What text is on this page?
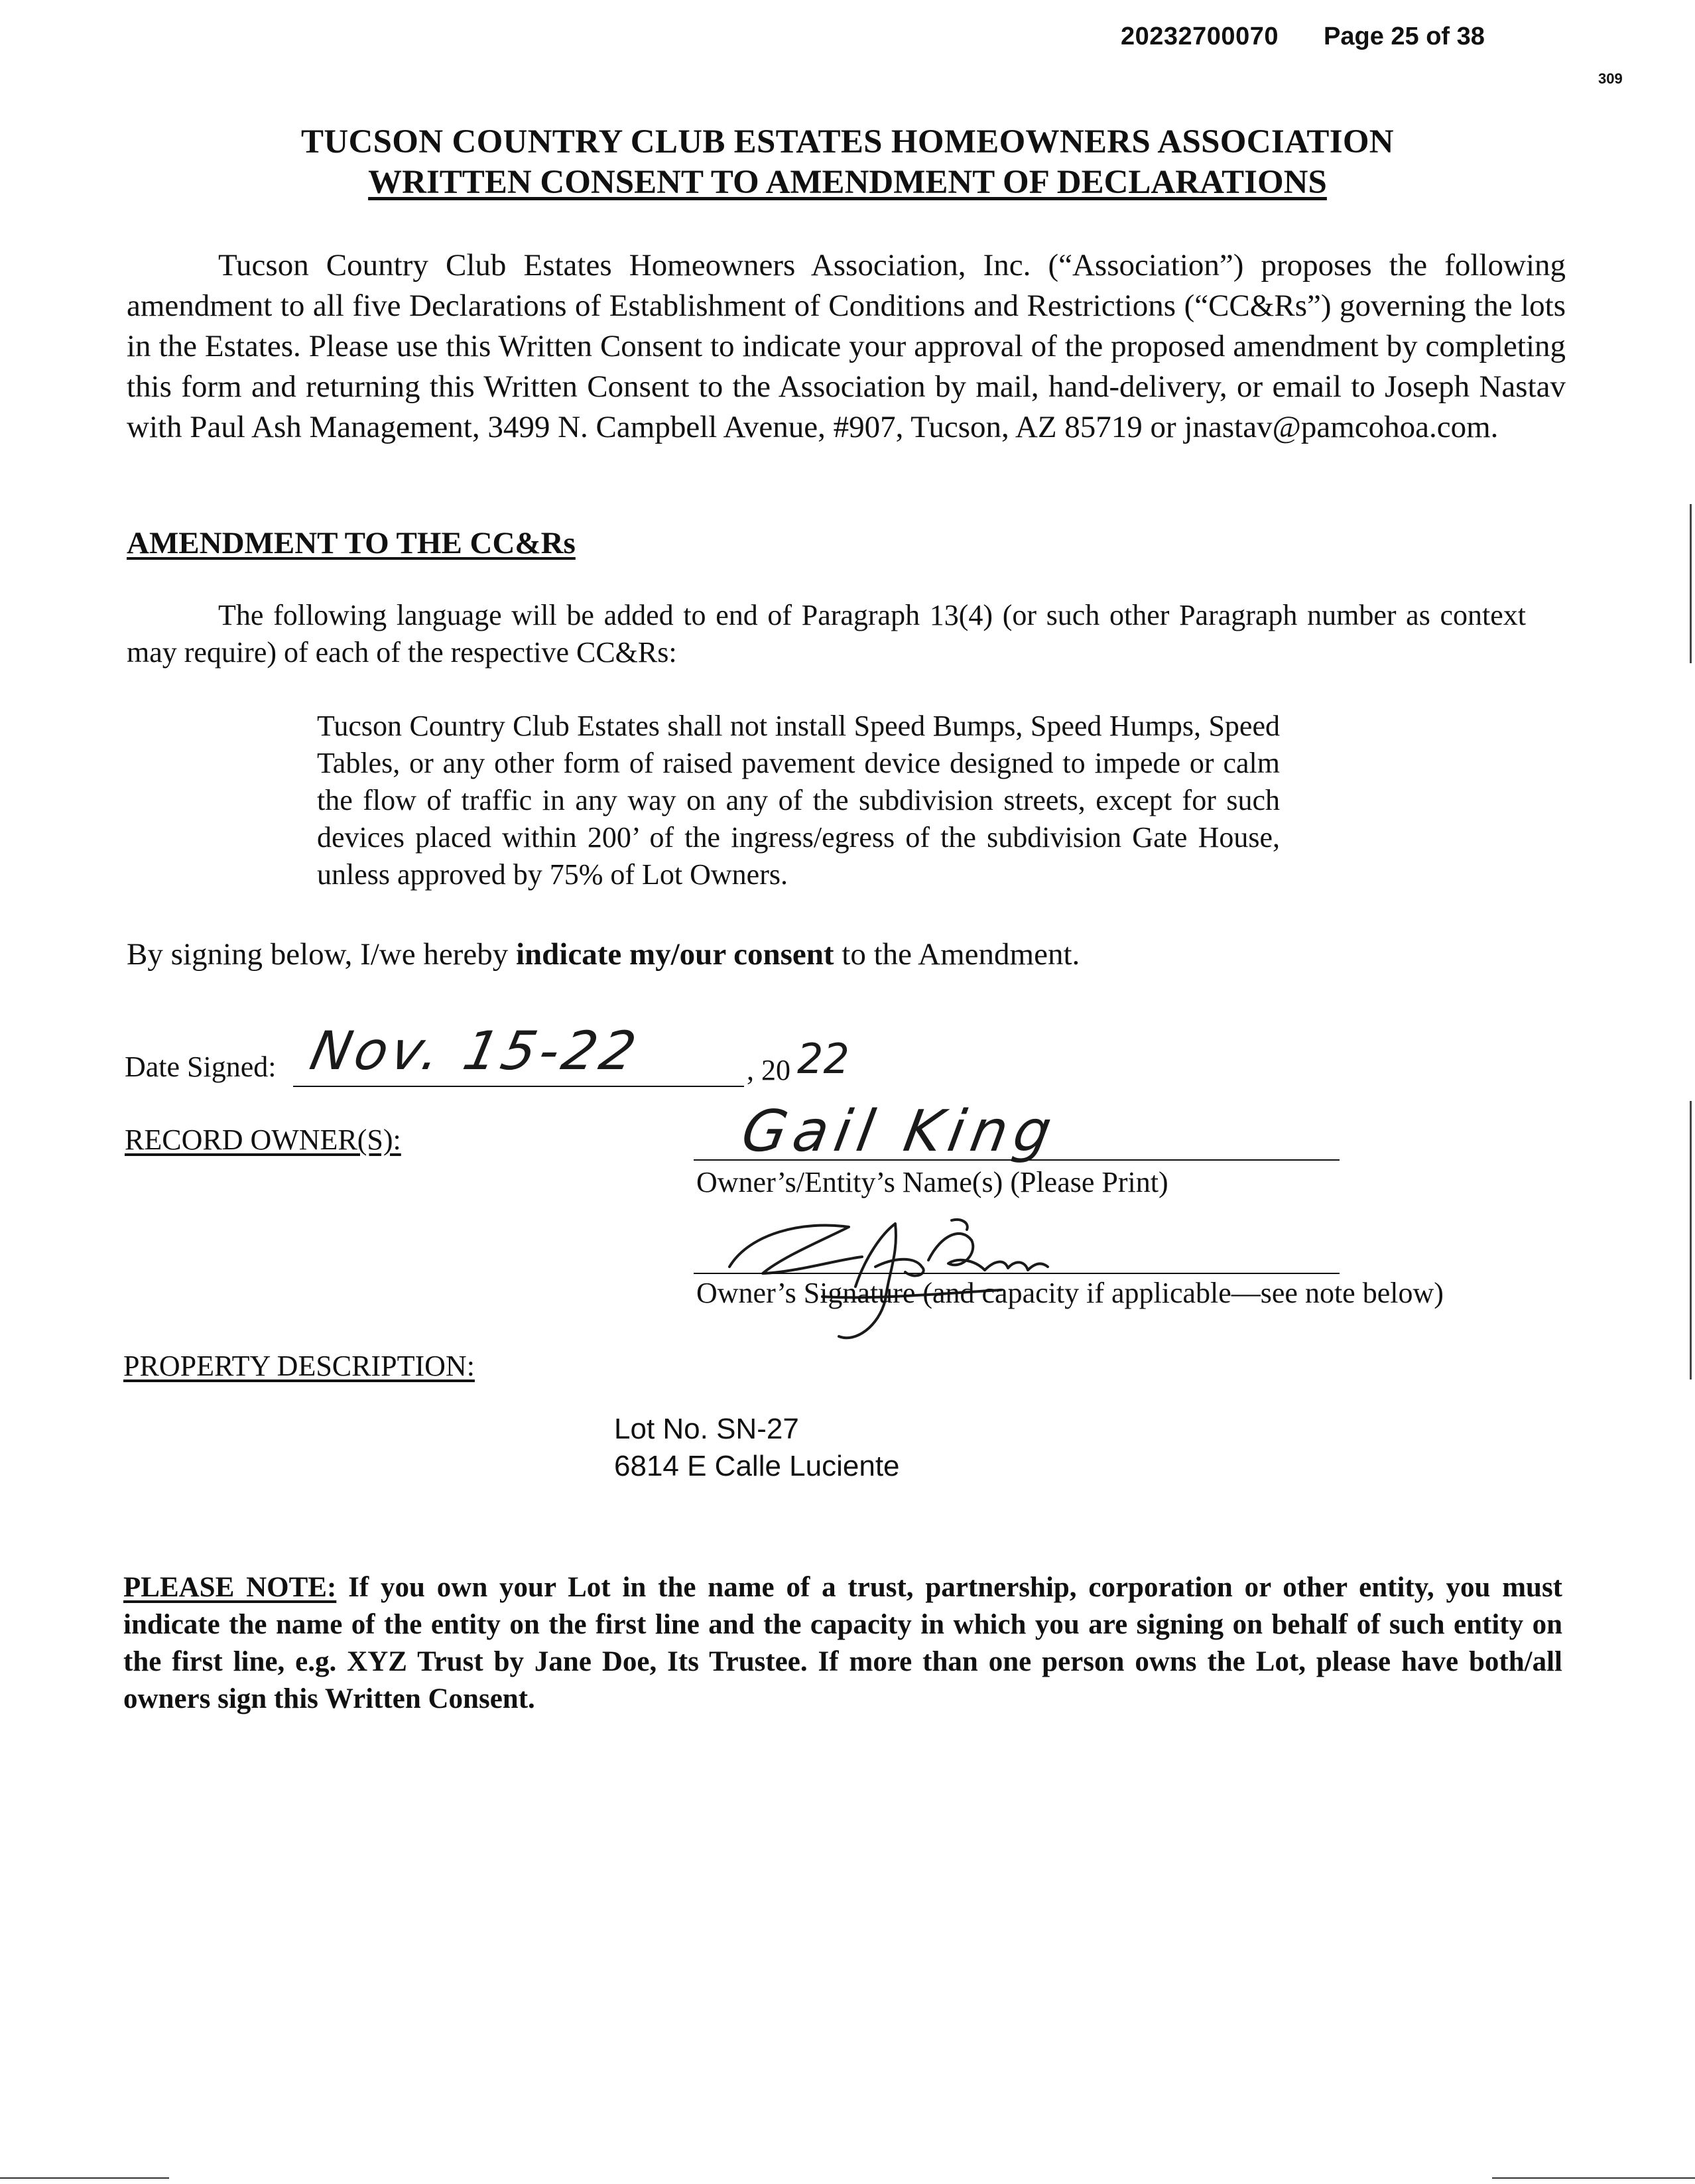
20232700070 Page 25 of 38
309
TUCSON COUNTRY CLUB ESTATES HOMEOWNERS ASSOCIATION
WRITTEN CONSENT TO AMENDMENT OF DECLARATIONS
Tucson Country Club Estates Homeowners Association, Inc. (“Association”) proposes the following amendment to all five Declarations of Establishment of Conditions and Restrictions (“CC&Rs”) governing the lots in the Estates. Please use this Written Consent to indicate your approval of the proposed amendment by completing this form and returning this Written Consent to the Association by mail, hand-delivery, or email to Joseph Nastav with Paul Ash Management, 3499 N. Campbell Avenue, #907, Tucson, AZ 85719 or jnastav@pamcohoa.com.
AMENDMENT TO THE CC&Rs
The following language will be added to end of Paragraph 13(4) (or such other Paragraph number as context may require) of each of the respective CC&Rs:
Tucson Country Club Estates shall not install Speed Bumps, Speed Humps, Speed Tables, or any other form of raised pavement device designed to impede or calm the flow of traffic in any way on any of the subdivision streets, except for such devices placed within 200’ of the ingress/egress of the subdivision Gate House, unless approved by 75% of Lot Owners.
By signing below, I/we hereby indicate my/our consent to the Amendment.
Date Signed: Nov. 15-22	, 20 22
RECORD OWNER(S):	Gail King
Owner’s/Entity’s Name(s) (Please Print)
Owner’s Signature (and capacity if applicable—see note below)
PROPERTY DESCRIPTION:
Lot No. SN-27
6814 E Calle Luciente
PLEASE NOTE: If you own your Lot in the name of a trust, partnership, corporation or other entity, you must indicate the name of the entity on the first line and the capacity in which you are signing on behalf of such entity on the first line, e.g. XYZ Trust by Jane Doe, Its Trustee. If more than one person owns the Lot, please have both/all owners sign this Written Consent.
